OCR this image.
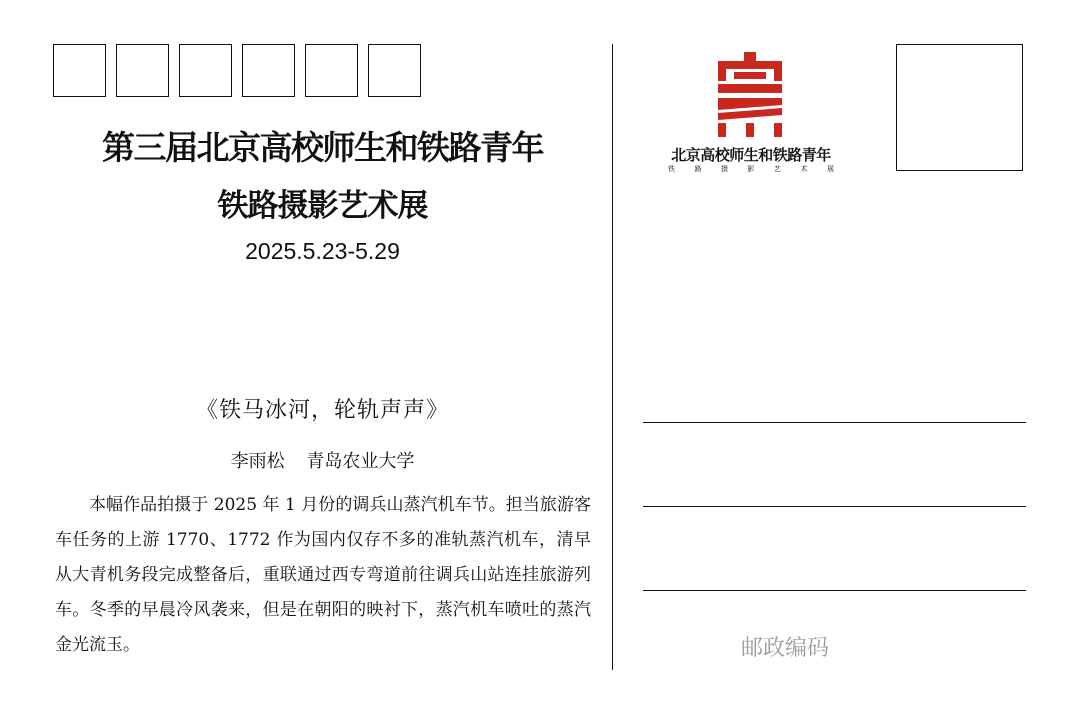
第三届北京高校师生和铁路青年
铁路摄影艺术展
2025.5.23-5.29
《铁马冰河，轮轨声声》
李雨松 青岛农业大学

本幅作品拍摄于 2025 年 1 月份的调兵山蒸汽机车节。担当旅游客车任务的上游 1770、1772 作为国内仅存不多的准轨蒸汽机车，清早从大青机务段完成整备后，重联通过西专弯道前往调兵山站连挂旅游列车。冬季的早晨冷风袭来，但是在朝阳的映衬下，蒸汽机车喷吐的蒸汽金光流玉。

北京高校师生和铁路青年
铁	路	摄	影	艺	术	展
邮政编码
